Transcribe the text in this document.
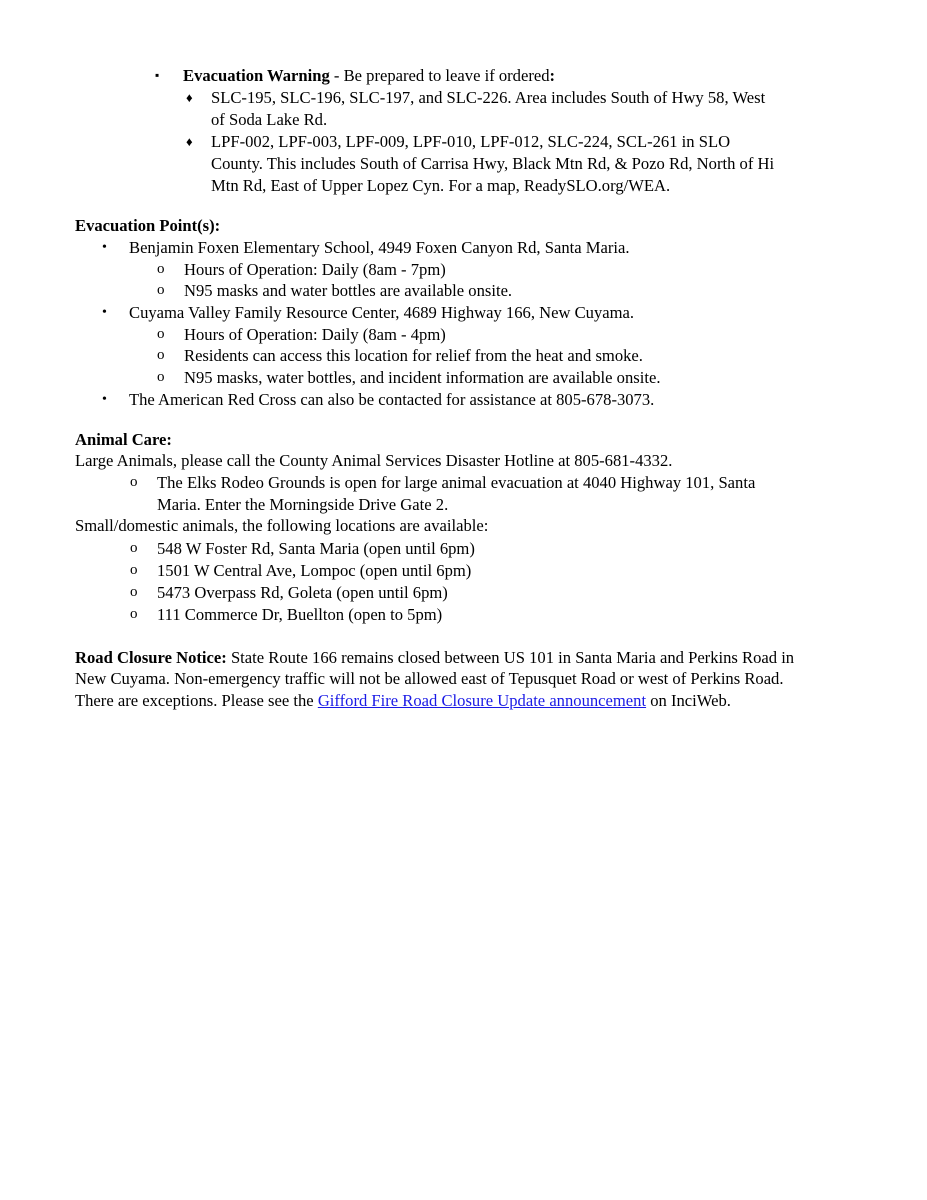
▪ Evacuation Warning - Be prepared to leave if ordered:
♦ SLC-195, SLC-196, SLC-197, and SLC-226. Area includes South of Hwy 58, West
of Soda Lake Rd.
♦ LPF-002, LPF-003, LPF-009, LPF-010, LPF-012, SLC-224, SCL-261 in SLO
County. This includes South of Carrisa Hwy, Black Mtn Rd, & Pozo Rd, North of Hi
Mtn Rd, East of Upper Lopez Cyn. For a map, ReadySLO.org/WEA.
Evacuation Point(s):
• Benjamin Foxen Elementary School, 4949 Foxen Canyon Rd, Santa Maria.
o Hours of Operation: Daily (8am - 7pm)
o N95 masks and water bottles are available onsite.
• Cuyama Valley Family Resource Center, 4689 Highway 166, New Cuyama.
o Hours of Operation: Daily (8am - 4pm)
o Residents can access this location for relief from the heat and smoke.
o N95 masks, water bottles, and incident information are available onsite.
• The American Red Cross can also be contacted for assistance at 805-678-3073.
Animal Care:
Large Animals, please call the County Animal Services Disaster Hotline at 805-681-4332.
o The Elks Rodeo Grounds is open for large animal evacuation at 4040 Highway 101, Santa
Maria. Enter the Morningside Drive Gate 2.
Small/domestic animals, the following locations are available:
o 548 W Foster Rd, Santa Maria (open until 6pm)
o 1501 W Central Ave, Lompoc (open until 6pm)
o 5473 Overpass Rd, Goleta (open until 6pm)
o 111 Commerce Dr, Buellton (open to 5pm)
Road Closure Notice: State Route 166 remains closed between US 101 in Santa Maria and Perkins Road in
New Cuyama. Non-emergency traffic will not be allowed east of Tepusquet Road or west of Perkins Road.
There are exceptions. Please see the Gifford Fire Road Closure Update announcement on InciWeb.
